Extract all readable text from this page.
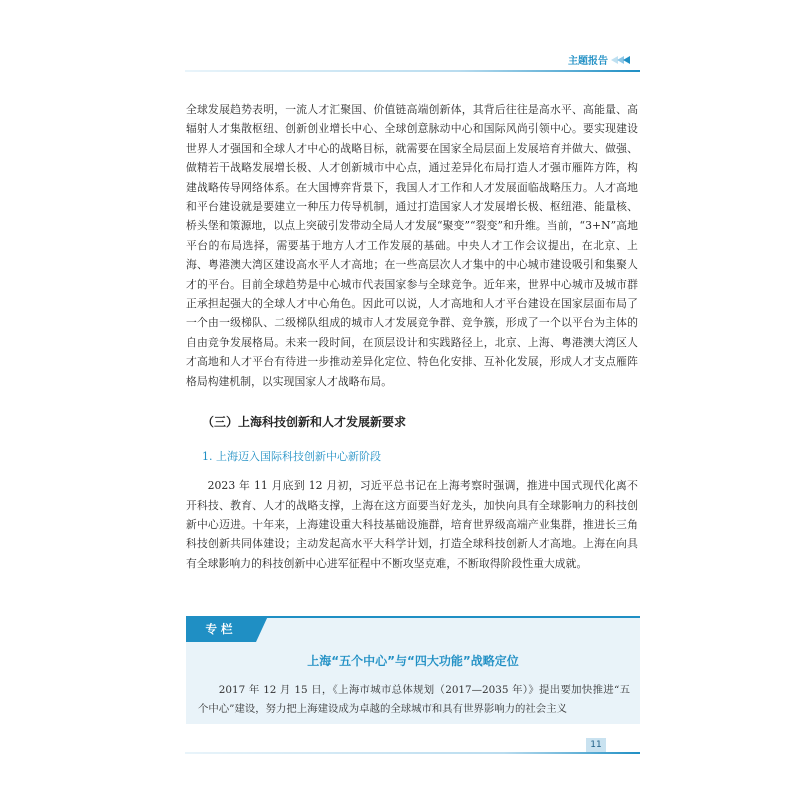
主题报告

全球发展趋势表明，一流人才汇聚国、价值链高端创新体，其背后往往是高水平、高能量、高辐射人才集散枢纽、创新创业增长中心、全球创意脉动中心和国际风尚引领中心。要实现建设世界人才强国和全球人才中心的战略目标，就需要在国家全局层面上发展培育并做大、做强、做精若干战略发展增长极、人才创新城市中心点，通过差异化布局打造人才强市雁阵方阵，构建战略传导网络体系。在大国博弈背景下，我国人才工作和人才发展面临战略压力。人才高地和平台建设就是要建立一种压力传导机制，通过打造国家人才发展增长极、枢纽港、能量核、桥头堡和策源地，以点上突破引发带动全局人才发展“聚变”“裂变”和升维。当前，“3+N”高地平台的布局选择，需要基于地方人才工作发展的基础。中央人才工作会议提出，在北京、上海、粤港澳大湾区建设高水平人才高地；在一些高层次人才集中的中心城市建设吸引和集聚人才的平台。目前全球趋势是中心城市代表国家参与全球竞争。近年来，世界中心城市及城市群正承担起强大的全球人才中心角色。因此可以说，人才高地和人才平台建设在国家层面布局了一个由一级梯队、二级梯队组成的城市人才发展竞争群、竞争簇，形成了一个以平台为主体的自由竞争发展格局。未来一段时间，在顶层设计和实践路径上，北京、上海、粤港澳大湾区人才高地和人才平台有待进一步推动差异化定位、特色化安排、互补化发展，形成人才支点雁阵格局构建机制，以实现国家人才战略布局。

（三）上海科技创新和人才发展新要求
1. 上海迈入国际科技创新中心新阶段

2023 年 11 月底到 12 月初，习近平总书记在上海考察时强调，推进中国式现代化离不开科技、教育、人才的战略支撑，上海在这方面要当好龙头，加快向具有全球影响力的科技创新中心迈进。十年来，上海建设重大科技基础设施群，培育世界级高端产业集群，推进长三角科技创新共同体建设；主动发起高水平大科学计划，打造全球科技创新人才高地。上海在向具有全球影响力的科技创新中心进军征程中不断攻坚克难，不断取得阶段性重大成就。

专栏
上海“五个中心”与“四大功能”战略定位

2017 年 12 月 15 日，《上海市城市总体规划（2017—2035 年）》提出要加快推进“五个中心”建设，努力把上海建设成为卓越的全球城市和具有世界影响力的社会主义

11
